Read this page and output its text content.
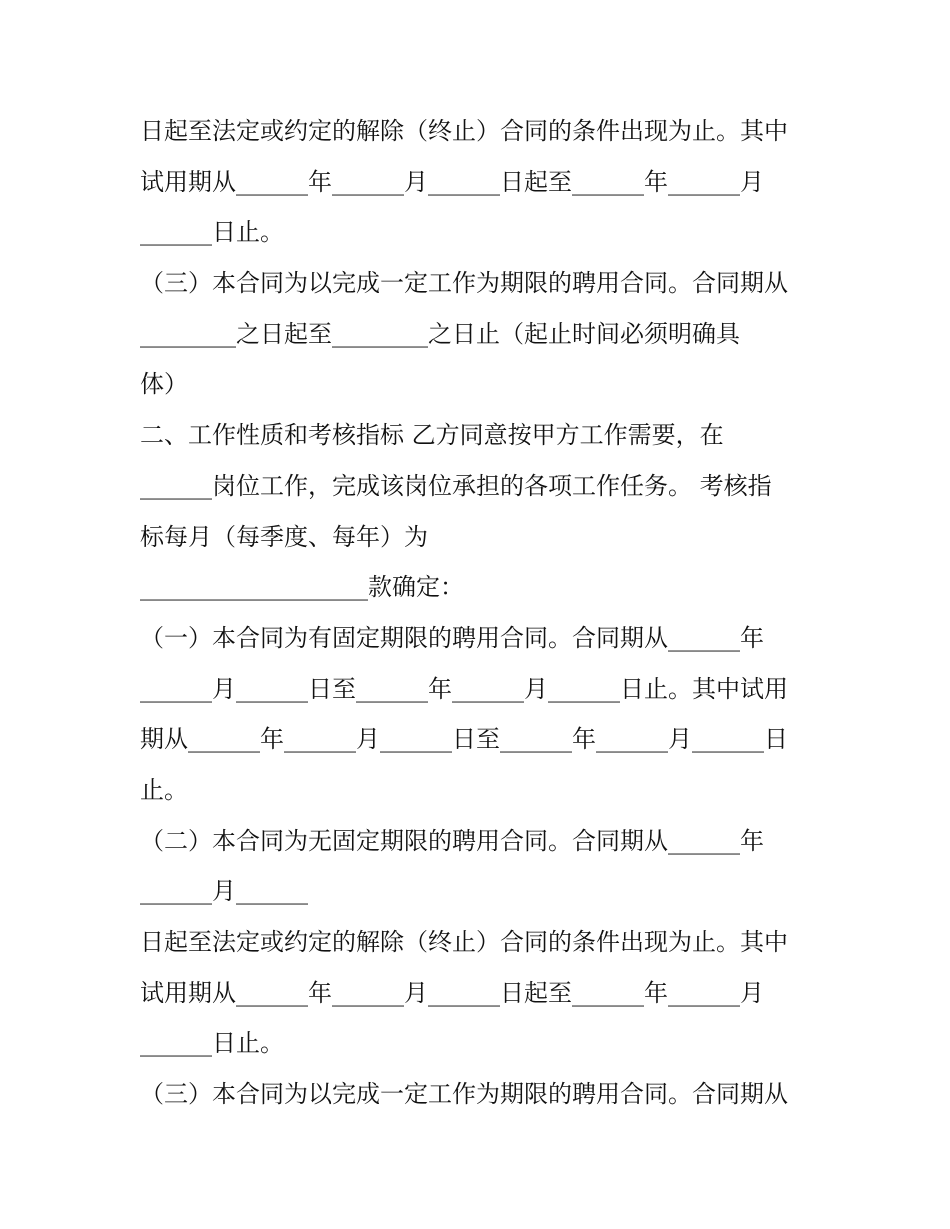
日起至法定或约定的解除（终止）合同的条件出现为止。其中
试用期从______年______月______日起至______年______月
______日止。
（三）本合同为以完成一定工作为期限的聘用合同。合同期从
________之日起至________之日止（起止时间必须明确具
体）
二、工作性质和考核指标 乙方同意按甲方工作需要，在
______岗位工作，完成该岗位承担的各项工作任务。 考核指
标每月（每季度、每年）为
___________________款确定：
（一）本合同为有固定期限的聘用合同。合同期从______年
______月______日至______年______月______日止。其中试用
期从______年______月______日至______年______月______日
止。
（二）本合同为无固定期限的聘用合同。合同期从______年
______月______
日起至法定或约定的解除（终止）合同的条件出现为止。其中
试用期从______年______月______日起至______年______月
______日止。
（三）本合同为以完成一定工作为期限的聘用合同。合同期从
